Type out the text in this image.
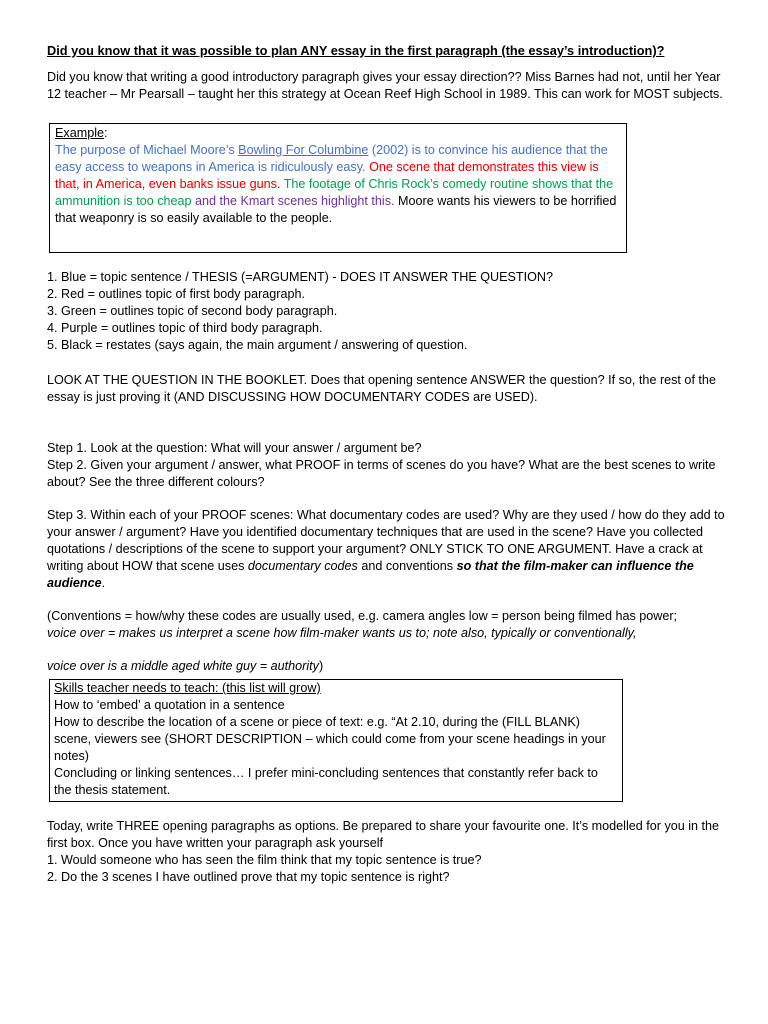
Did you know that it was possible to plan ANY essay in the first paragraph (the essay’s introduction)?

Did you know that writing a good introductory paragraph gives your essay direction?? Miss Barnes had not, until her Year 12 teacher – Mr Pearsall – taught her this strategy at Ocean Reef High School in 1989. This can work for MOST subjects.

Example:
The purpose of Michael Moore’s Bowling For Columbine (2002) is to convince his audience that the easy access to weapons in America is ridiculously easy. One scene that demonstrates this view is that, in America, even banks issue guns. The footage of Chris Rock’s comedy routine shows that the ammunition is too cheap and the Kmart scenes highlight this. Moore wants his viewers to be horrified that weaponry is so easily available to the people.

1. Blue = topic sentence / THESIS (=ARGUMENT) - DOES IT ANSWER THE QUESTION?

2. Red = outlines topic of first body paragraph.

3. Green = outlines topic of second body paragraph.

4. Purple = outlines topic of third body paragraph.

5. Black = restates (says again, the main argument / answering of question.

LOOK AT THE QUESTION IN THE BOOKLET. Does that opening sentence ANSWER the question? If so, the rest of the essay is just proving it (AND DISCUSSING HOW DOCUMENTARY CODES are USED).

Step 1. Look at the question: What will your answer / argument be?

Step 2. Given your argument / answer, what PROOF in terms of scenes do you have? What are the best scenes to write about? See the three different colours?

Step 3. Within each of your PROOF scenes: What documentary codes are used? Why are they used / how do they add to your answer / argument? Have you identified documentary techniques that are used in the scene? Have you collected quotations / descriptions of the scene to support your argument? ONLY STICK TO ONE ARGUMENT. Have a crack at writing about HOW that scene uses documentary codes and conventions so that the film-maker can influence the audience.

(Conventions = how/why these codes are usually used, e.g. camera angles low = person being filmed has power;

voice over = makes us interpret a scene how film-maker wants us to; note also, typically or conventionally,

voice over is a middle aged white guy = authority)

Skills teacher needs to teach: (this list will grow)

How to ‘embed’ a quotation in a sentence

How to describe the location of a scene or piece of text: e.g. “At 2.10, during the (FILL BLANK) scene, viewers see (SHORT DESCRIPTION – which could come from your scene headings in your notes)

Concluding or linking sentences… I prefer mini-concluding sentences that constantly refer back to the thesis statement.

Today, write THREE opening paragraphs as options. Be prepared to share your favourite one. It’s modelled for you in the first box. Once you have written your paragraph ask yourself

1. Would someone who has seen the film think that my topic sentence is true?

2. Do the 3 scenes I have outlined prove that my topic sentence is right?
